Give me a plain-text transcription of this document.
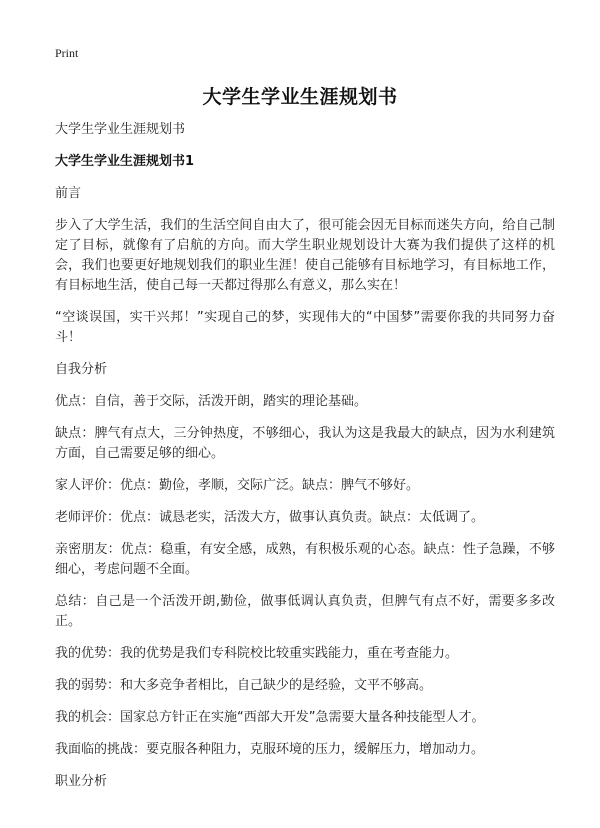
Print
大学生学业生涯规划书

大学生学业生涯规划书

大学生学业生涯规划书1

前言

步入了大学生活，我们的生活空间自由大了，很可能会因无目标而迷失方向，给自己制定了目标，就像有了启航的方向。而大学生职业规划设计大赛为我们提供了这样的机会，我们也要更好地规划我们的职业生涯！使自己能够有目标地学习，有目标地工作，有目标地生活，使自己每一天都过得那么有意义，那么实在！

“空谈误国，实干兴邦！”实现自己的梦，实现伟大的“中国梦”需要你我的共同努力奋斗！

自我分析

优点：自信，善于交际，活泼开朗，踏实的理论基础。

缺点：脾气有点大，三分钟热度，不够细心，我认为这是我最大的缺点，因为水利建筑方面，自己需要足够的细心。

家人评价：优点：勤俭，孝顺，交际广泛。缺点：脾气不够好。

老师评价：优点：诚恳老实，活泼大方，做事认真负责。缺点：太低调了。

亲密朋友：优点：稳重，有安全感，成熟，有积极乐观的心态。缺点：性子急躁，不够细心，考虑问题不全面。

总结：自己是一个活泼开朗,勤俭，做事低调认真负责，但脾气有点不好，需要多多改正。

我的优势：我的优势是我们专科院校比较重实践能力，重在考查能力。

我的弱势：和大多竞争者相比，自己缺少的是经验，文平不够高。

我的机会：国家总方针正在实施“西部大开发”急需要大量各种技能型人才。

我面临的挑战：要克服各种阻力，克服环境的压力，缓解压力，增加动力。

职业分析
